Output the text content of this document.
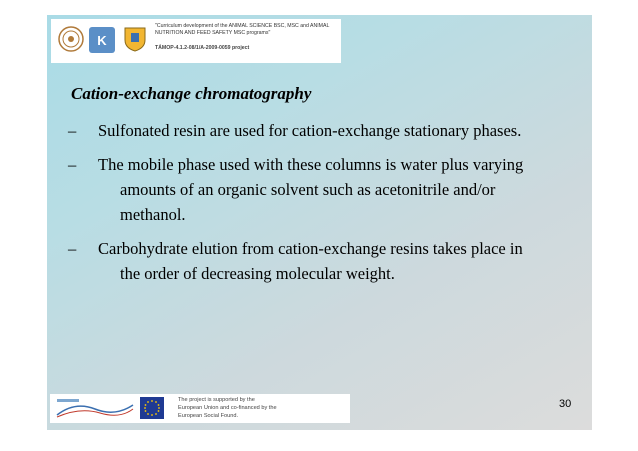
K
"Curriculum development of the ANIMAL SCIENCE BSC, MSC and ANIMAL
NUTRITION AND FEED SAFETY MSC programs"
TÁMOP-4.1.2-08/1/A-2009-0059 project
Cation-exchange chromatography
–	Sulfonated resin are used for cation-exchange stationary phases.
–	The mobile phase used with these columns is water plus varying
amounts of an organic solvent such as acetonitrile and/or
methanol.
–	Carbohydrate elution from cation-exchange resins takes place in
the order of decreasing molecular weight.
The project is supported by the
European Union and co-financed by the
European Social Found.
30
